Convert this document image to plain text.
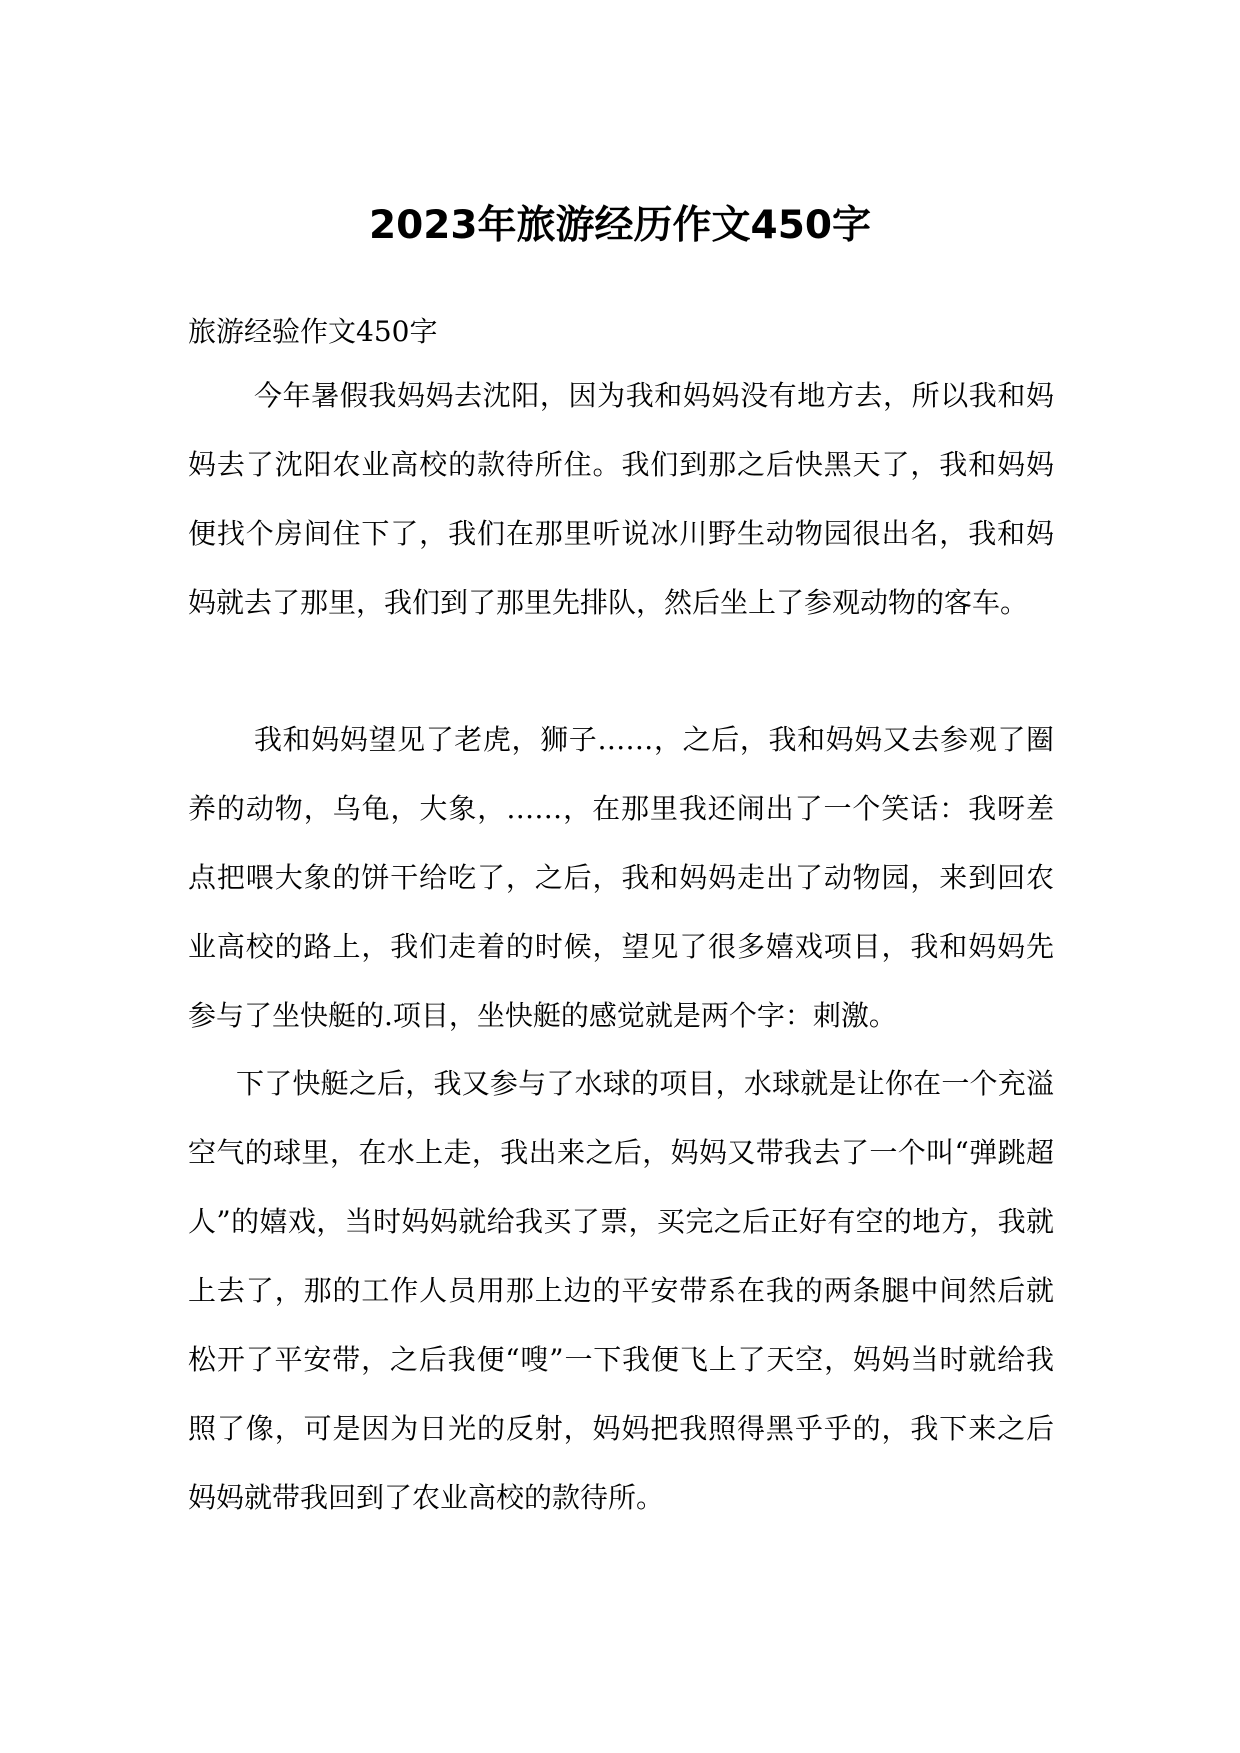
2023年旅游经历作文450字

旅游经验作文450字

今年暑假我妈妈去沈阳，因为我和妈妈没有地方去，所以我和妈妈去了沈阳农业高校的款待所住。我们到那之后快黑天了，我和妈妈便找个房间住下了，我们在那里听说冰川野生动物园很出名，我和妈妈就去了那里，我们到了那里先排队，然后坐上了参观动物的客车。

我和妈妈望见了老虎，狮子……，之后，我和妈妈又去参观了圈养的动物，乌龟，大象，……，在那里我还闹出了一个笑话：我呀差点把喂大象的饼干给吃了，之后，我和妈妈走出了动物园，来到回农业高校的路上，我们走着的时候，望见了很多嬉戏项目，我和妈妈先参与了坐快艇的.项目，坐快艇的感觉就是两个字：刺激。

下了快艇之后，我又参与了水球的项目，水球就是让你在一个充溢空气的球里，在水上走，我出来之后，妈妈又带我去了一个叫“弹跳超人”的嬉戏，当时妈妈就给我买了票，买完之后正好有空的地方，我就上去了，那的工作人员用那上边的平安带系在我的两条腿中间然后就松开了平安带，之后我便“嗖”一下我便飞上了天空，妈妈当时就给我照了像，可是因为日光的反射，妈妈把我照得黑乎乎的，我下来之后妈妈就带我回到了农业高校的款待所。
